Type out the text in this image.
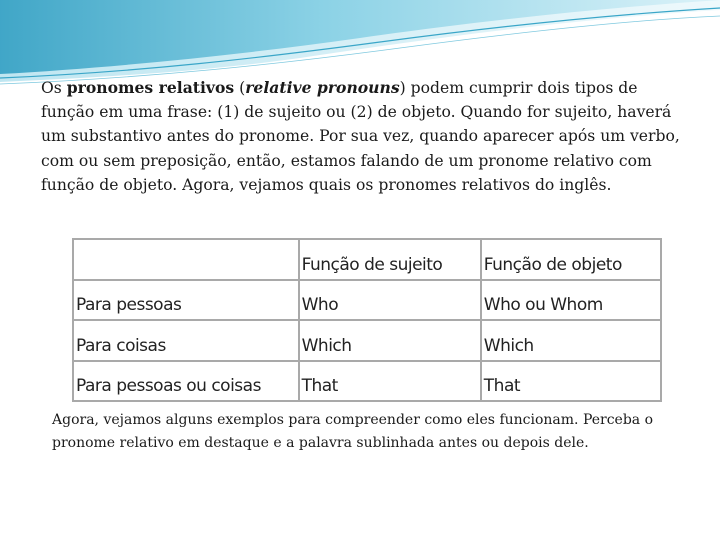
Os pronomes relativos (relative pronouns) podem cumprir dois tipos de função em uma frase: (1) de sujeito ou (2) de objeto. Quando for sujeito, haverá um substantivo antes do pronome. Por sua vez, quando aparecer após um verbo, com ou sem preposição, então, estamos falando de um pronome relativo com função de objeto. Agora, vejamos quais os pronomes relativos do inglês.

	Função de sujeito	Função de objeto
Para pessoas	Who	Who ou Whom
Para coisas	Which	Which
Para pessoas ou coisas	That	That

Agora, vejamos alguns exemplos para compreender como eles funcionam. Perceba o pronome relativo em destaque e a palavra sublinhada antes ou depois dele.
